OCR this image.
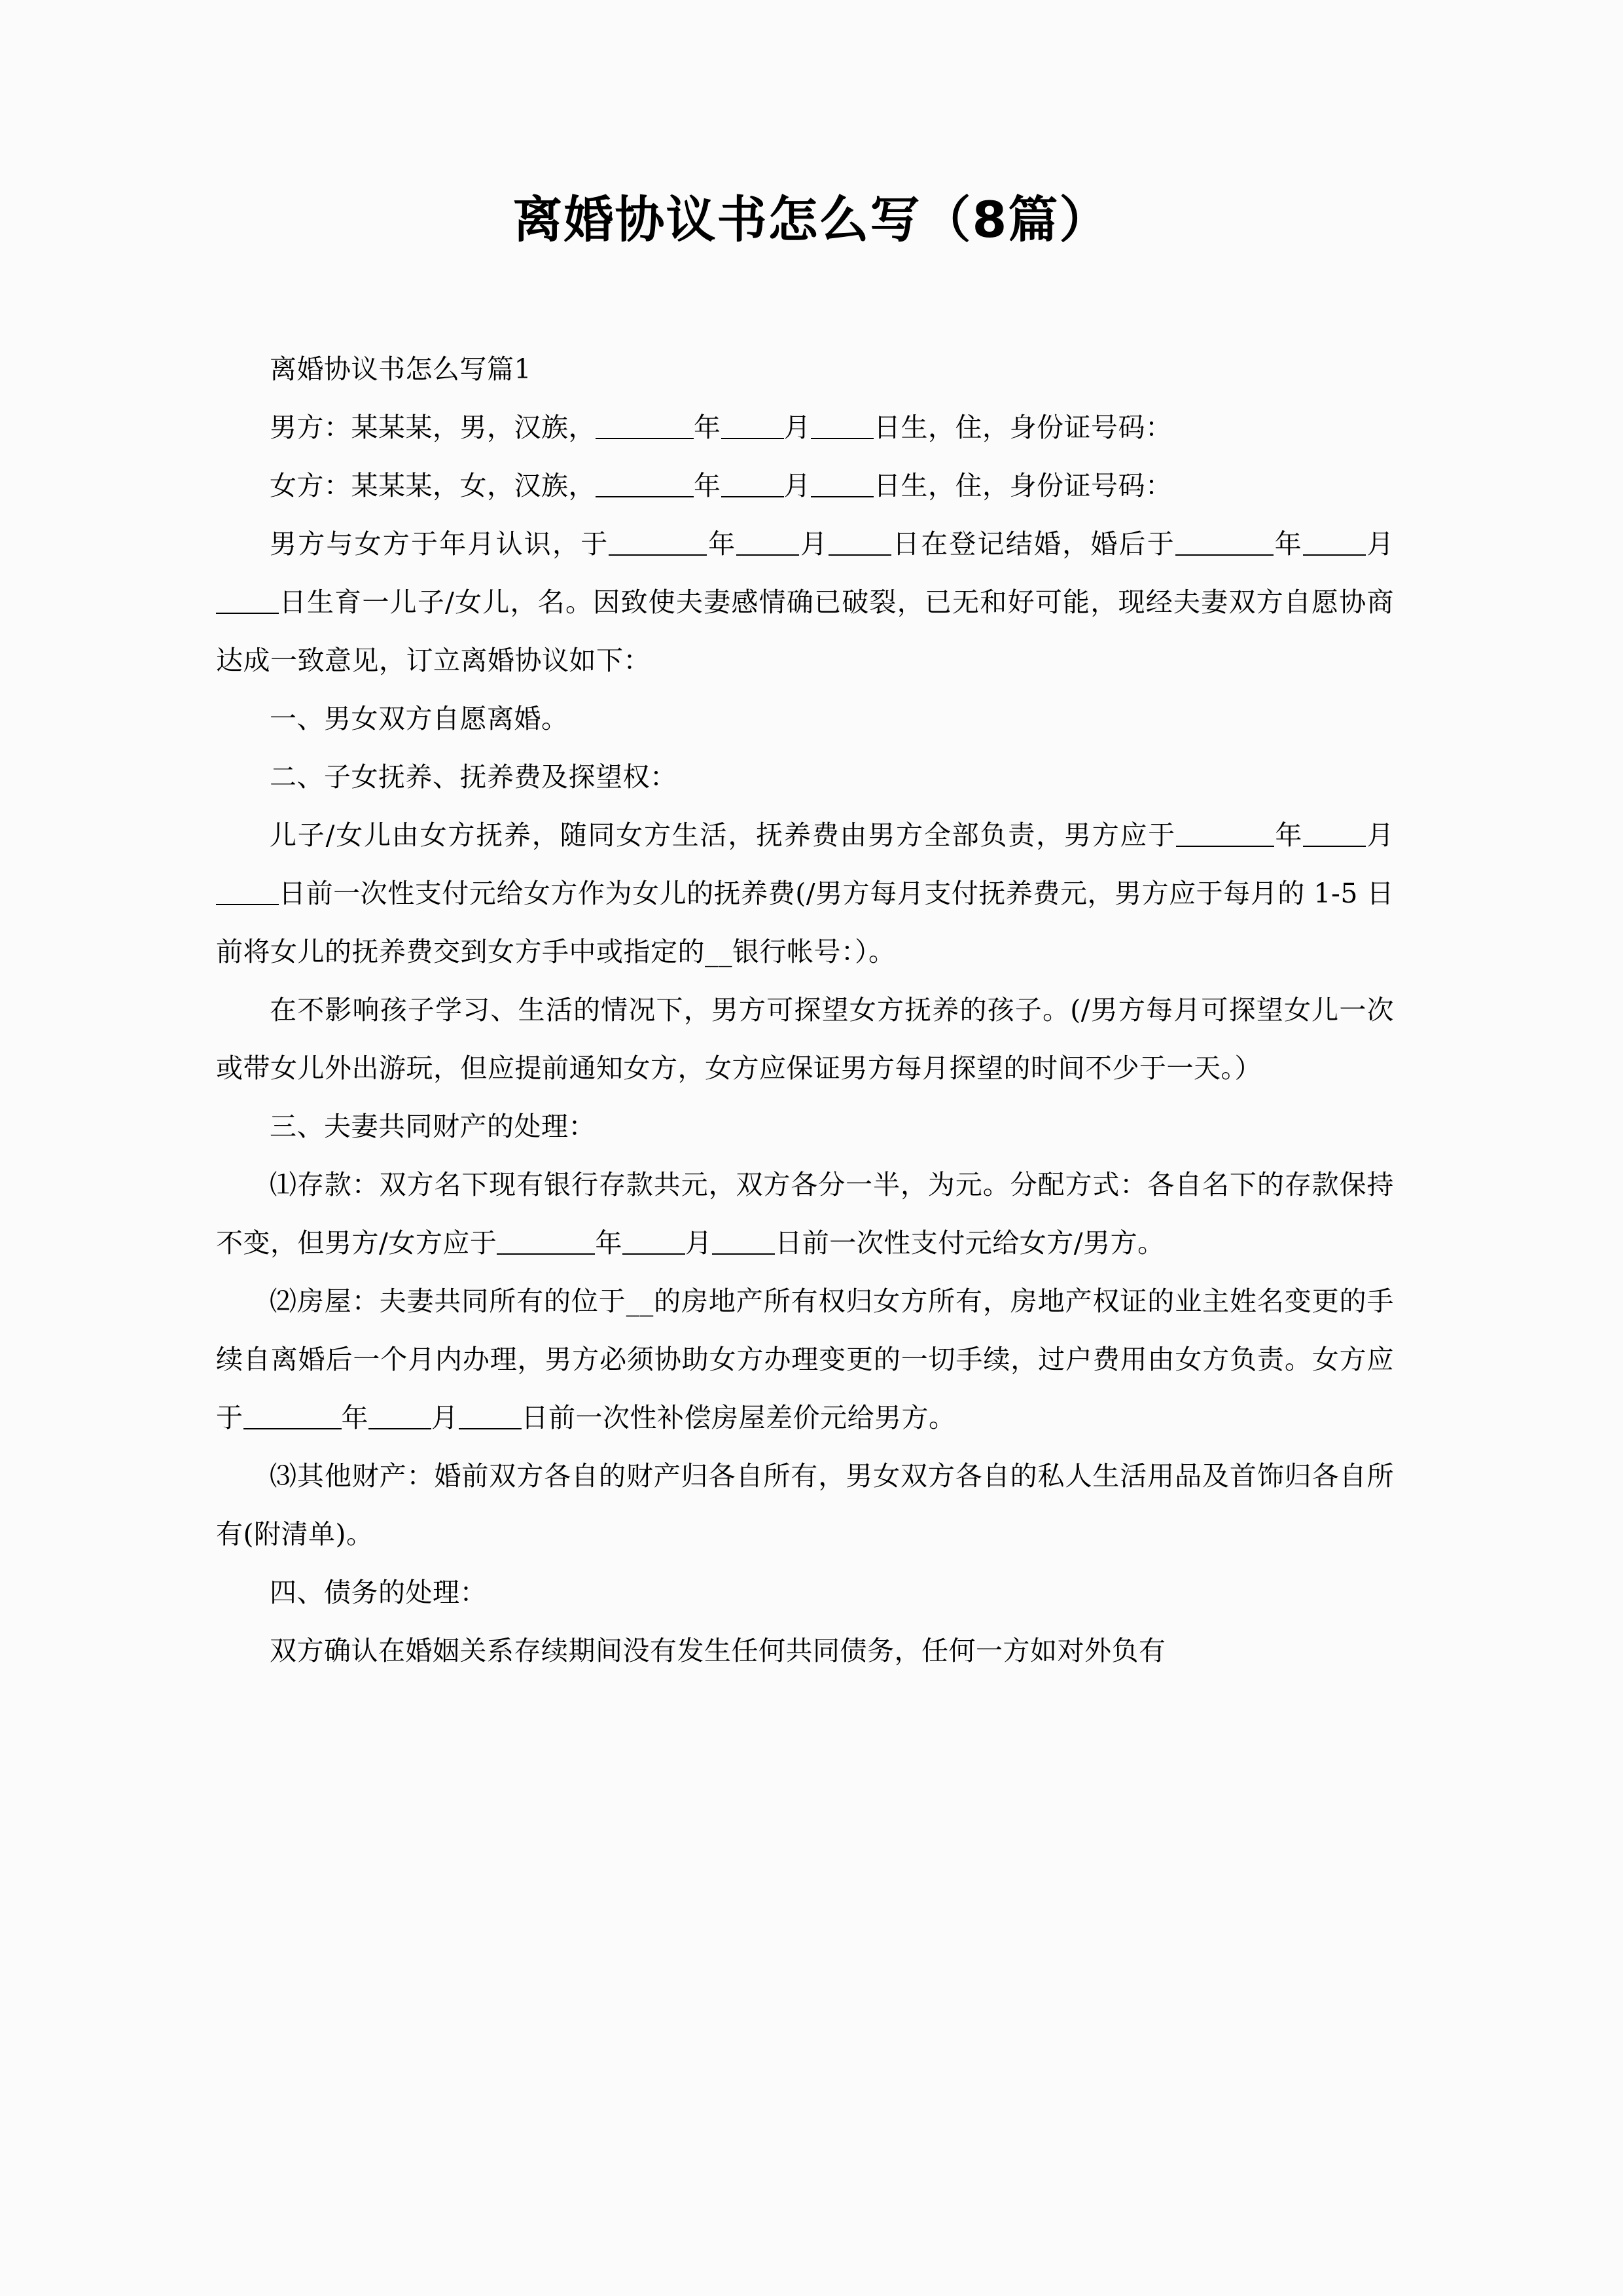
离婚协议书怎么写（8篇）

离婚协议书怎么写篇1

男方：某某某，男，汉族，	年 月 日生，住，身份证号码：

女方：某某某，女，汉族，	年 月 日生，住，身份证号码：

男方与女方于年月认识，于	年 月 日在登记结婚，婚后于	年 月日生育一儿子/女儿，名。因致使夫妻感情确已破裂，已无和好可能，现经夫妻双方自愿协商达成一致意见，订立离婚协议如下：

一、男女双方自愿离婚。

二、子女抚养、抚养费及探望权：

儿子/女儿由女方抚养，随同女方生活，抚养费由男方全部负责，男方应于	年 月日前一次性支付元给女方作为女儿的抚养费(/男方每月支付抚养费元，男方应于每月的 1-5 日前将女儿的抚养费交到女方手中或指定的__银行帐号：）。

在不影响孩子学习、生活的情况下，男方可探望女方抚养的孩子。(/男方每月可探望女儿一次或带女儿外出游玩，但应提前通知女方，女方应保证男方每月探望的时间不少于一天。）

三、夫妻共同财产的处理：

⑴存款：双方名下现有银行存款共元，双方各分一半，为元。分配方式：各自名下的存款保持不变，但男方/女方应于	年 月 日前一次性支付元给女方/男方。

⑵房屋：夫妻共同所有的位于__的房地产所有权归女方所有，房地产权证的业主姓名变更的手续自离婚后一个月内办理，男方必须协助女方办理变更的一切手续，过户费用由女方负责。女方应于	年 月 日前一次性补偿房屋差价元给男方。

⑶其他财产：婚前双方各自的财产归各自所有，男女双方各自的私人生活用品及首饰归各自所有(附清单)。

四、债务的处理：

双方确认在婚姻关系存续期间没有发生任何共同债务，任何一方如对外负有
